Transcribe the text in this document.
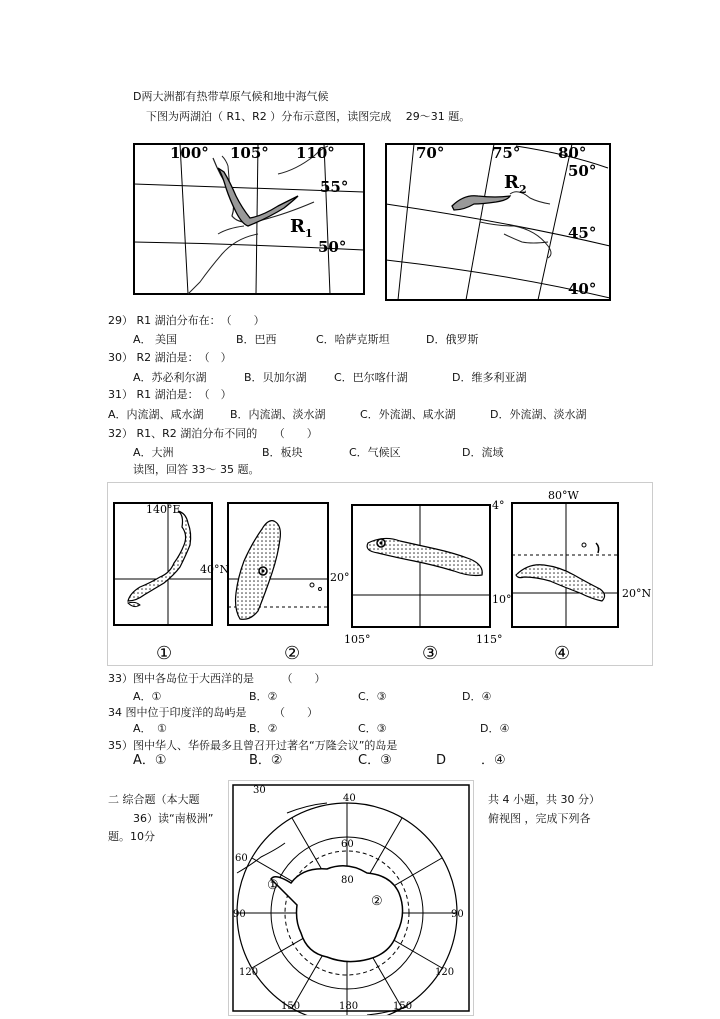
D两大洲都有热带草原气候和地中海气候
下图为两湖泊（ R1、R2 ）分布示意图，读图完成　 29～31 题。
100° 105° 110°
55°
50°
$R_1$
70°	75°	80°
50°
45°
40°
$R_2$
29） R1 湖泊分布在：　（　　）
A． 美国	B．巴西	C．哈萨克斯坦	D．俄罗斯
30） R2 湖泊是：　（　）
A．苏必利尔湖	B．贝加尔湖 C．巴尔喀什湖	D．维多利亚湖
31） R1 湖泊是：　（　）
A．内流湖、咸水湖 B．内流湖、淡水湖	C．外流湖、咸水湖	D．外流湖、淡水湖
32） R1、R2 湖泊分布不同的　　（　　）
A．大洲	B．板块	C．气候区	D．流域
读图，回答 33～ 35 题。
140°E
40°N
①
20°
②
4°
10°
105°	115°
③
80°W
20°N
④
33）图中各岛位于大西洋的是　　　（　　）
A．①	B．②	C．③	D．④
34 图中位于印度洋的岛屿是　　　（　　）
A．　①	B．②	C．③	D．④
35）图中华人、华侨最多且曾召开过著名“万隆会议”的岛是
A．①	B．②	C．③	D	．④
二 综合题（本大题	共 4 小题，共 30 分）
36）读“南极洲”	俯视图 ，完成下列各
题。10分
30
40
60
60
80
90	90
120	120
150	180	150
①
②
